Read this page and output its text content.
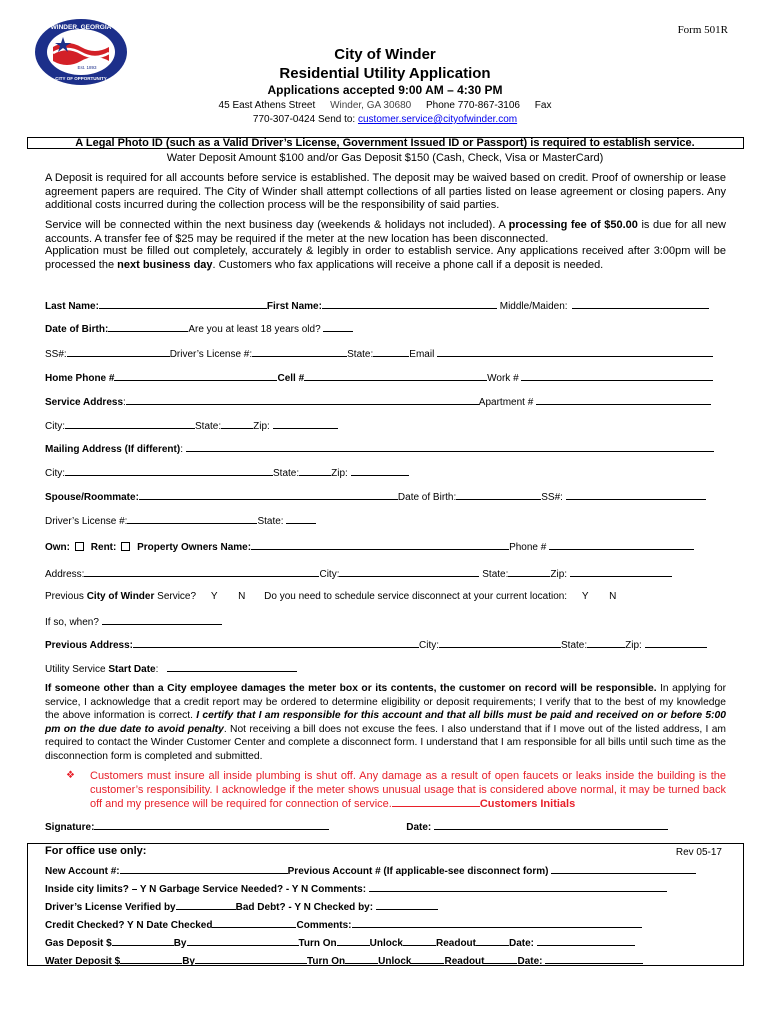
Form 501R
WINDER, GEORGIA
Est. 1893
CITY OF OPPORTUNITY
City of Winder
Residential Utility Application
Applications accepted 9:00 AM – 4:30 PM
45 East Athens Street Winder, GA 30680 Phone 770-867-3106 Fax
770-307-0424 Send to: customer.service@cityofwinder.com
A Legal Photo ID (such as a Valid Driver’s License, Government Issued ID or Passport) is required to establish service.
Water Deposit Amount $100 and/or Gas Deposit $150 (Cash, Check, Visa or MasterCard)
A Deposit is required for all accounts before service is established. The deposit may be waived based on credit. Proof of ownership or lease agreement papers are required. The City of Winder shall attempt collections of all parties listed on lease agreement or closing papers. Any additional costs incurred during the collection process will be the responsibility of said parties.
Service will be connected within the next business day (weekends & holidays not included). A processing fee of $50.00 is due for all new accounts. A transfer fee of $25 may be required if the meter at the new location has been disconnected.
Application must be filled out completely, accurately & legibly in order to establish service. Any applications received after 3:00pm will be processed the next business day. Customers who fax applications will receive a phone call if a deposit is needed.
Last Name:	First Name:	Middle/Maiden:
Date of Birth:	Are you at least 18 years old?
SS#:	Driver’s License #:	State:	Email
Home Phone #	Cell #	Work #
Service Address:	Apartment #
City:	State:	Zip:
Mailing Address (If different):
City:	State:	Zip:
Spouse/Roommate:	Date of Birth:	SS#:
Driver’s License #:	State:
Own: Rent: Property Owners Name:	Phone #
Address:	City:	State:	Zip:
Previous City of Winder Service? Y N Do you need to schedule service disconnect at your current location: Y N
If so, when?
Previous Address:	City:	State:	Zip:
Utility Service Start Date:
If someone other than a City employee damages the meter box or its contents, the customer on record will be responsible. In applying for service, I acknowledge that a credit report may be ordered to determine eligibility or deposit requirements; I verify that to the best of my knowledge the above information is correct. I certify that I am responsible for this account and that all bills must be paid and received on or before 5:00 pm on the due date to avoid penalty. Not receiving a bill does not excuse the fees. I also understand that if I move out of the listed address, I am required to contact the Winder Customer Center and complete a disconnect form. I understand that I am responsible for all bills until such time as the disconnection form is completed and submitted.
❖ Customers must insure all inside plumbing is shut off. Any damage as a result of open faucets or leaks inside the building is the customer’s responsibility. I acknowledge if the meter shows unusual usage that is considered above normal, it may be turned back off and my presence will be required for connection of service.	Customers Initials
Signature:	Date:
For office use only:	Rev 05-17
New Account #:	Previous Account # (If applicable-see disconnect form)
Inside city limits? – Y N Garbage Service Needed? - Y N Comments:
Driver’s License Verified by	Bad Debt? - Y N Checked by:
Credit Checked? Y N Date Checked	Comments:
Gas Deposit $	By	Turn On	Unlock	Readout	Date:
Water Deposit $	By	Turn On	Unlock	Readout	Date:
